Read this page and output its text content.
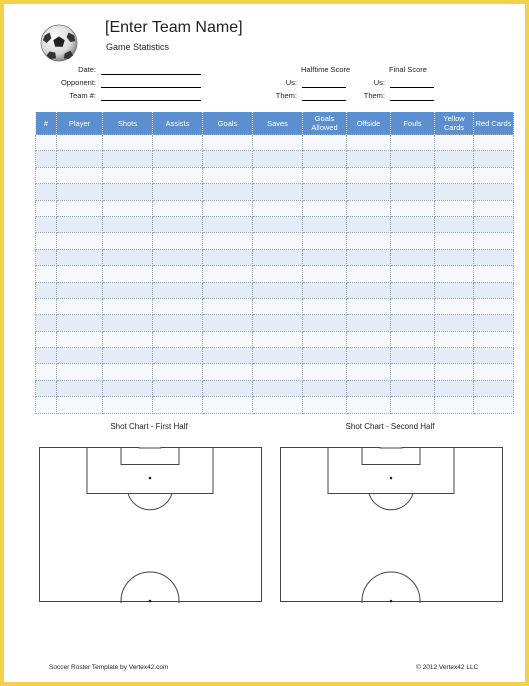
[Enter Team Name]
Game Statistics
Date:
Opponent:
Team #:
Halftime Score
Us:
Them:
Final Score
Us:
Them:
#	Player	Shots	Assists	Goals	Saves	Goals Allowed	Offside	Fouls	Yellow Cards	Red Cards

Shot Chart - First Half	Shot Chart - Second Half
Soccer Roster Template by Vertex42.com	© 2012 Vertex42 LLC
